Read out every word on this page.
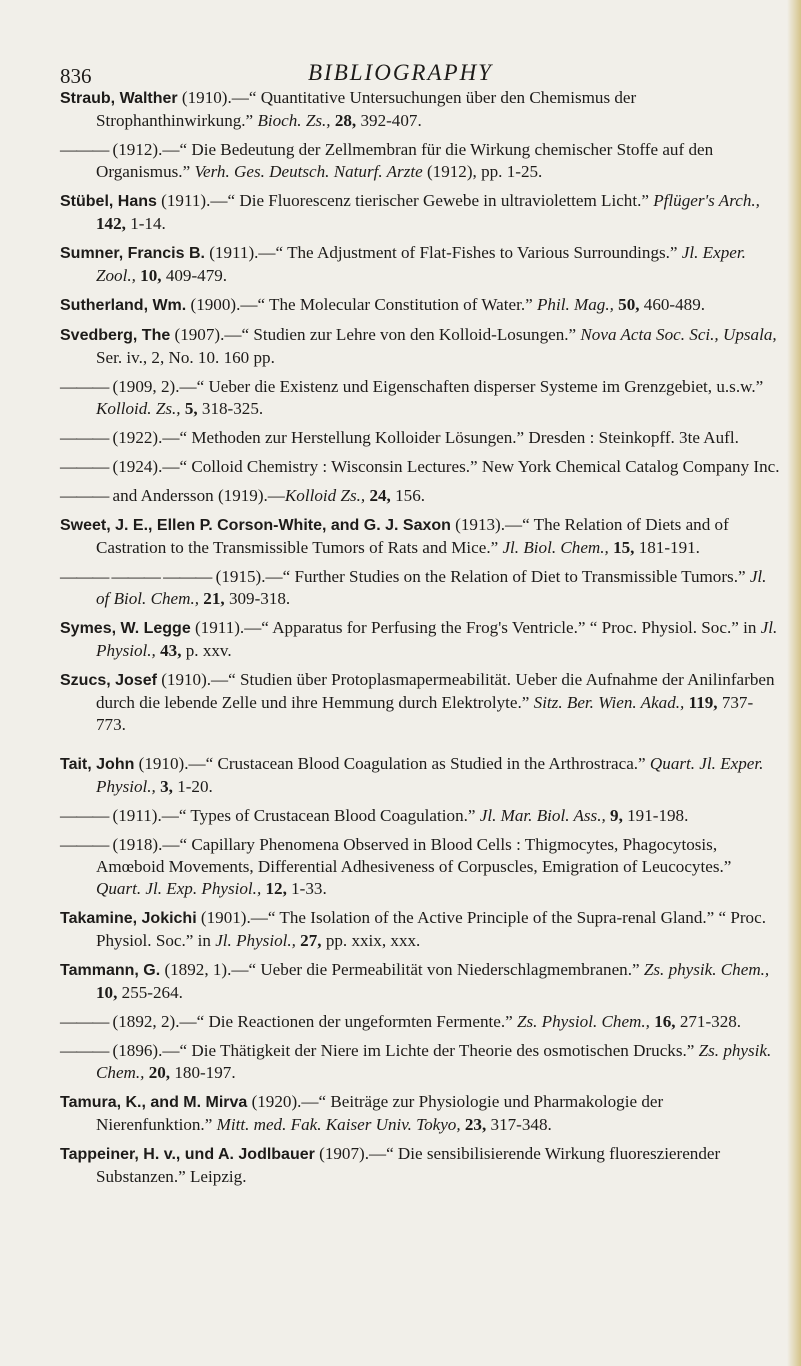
836	BIBLIOGRAPHY
Straub, Walther (1910).—“ Quantitative Untersuchungen über den Chemismus der Strophanthinwirkung.” Bioch. Zs., 28, 392-407.
——— (1912).—“ Die Bedeutung der Zellmembran für die Wirkung chemischer Stoffe auf den Organismus.” Verh. Ges. Deutsch. Naturf. Arzte (1912), pp. 1-25.
Stübel, Hans (1911).—“ Die Fluorescenz tierischer Gewebe in ultraviolettem Licht.” Pflüger's Arch., 142, 1-14.
Sumner, Francis B. (1911).—“ The Adjustment of Flat-Fishes to Various Surroundings.” Jl. Exper. Zool., 10, 409-479.
Sutherland, Wm. (1900).—“ The Molecular Constitution of Water.” Phil. Mag., 50, 460-489.
Svedberg, The (1907).—“ Studien zur Lehre von den Kolloid-Losungen.” Nova Acta Soc. Sci., Upsala, Ser. iv., 2, No. 10. 160 pp.
——— (1909, 2).—“ Ueber die Existenz und Eigenschaften disperser Systeme im Grenzgebiet, u.s.w.” Kolloid. Zs., 5, 318-325.
——— (1922).—“ Methoden zur Herstellung Kolloider Lösungen.” Dresden : Steinkopff. 3te Aufl.
——— (1924).—“ Colloid Chemistry : Wisconsin Lectures.” New York Chemical Catalog Company Inc.
——— and Andersson (1919).—Kolloid Zs., 24, 156.
Sweet, J. E., Ellen P. Corson-White, and G. J. Saxon (1913).—“ The Relation of Diets and of Castration to the Transmissible Tumors of Rats and Mice.” Jl. Biol. Chem., 15, 181-191.
——— ——— ——— (1915).—“ Further Studies on the Relation of Diet to Transmissible Tumors.” Jl. of Biol. Chem., 21, 309-318.
Symes, W. Legge (1911).—“ Apparatus for Perfusing the Frog's Ventricle.” “ Proc. Physiol. Soc.” in Jl. Physiol., 43, p. xxv.
Szucs, Josef (1910).—“ Studien über Protoplasmapermeabilität. Ueber die Aufnahme der Anilinfarben durch die lebende Zelle und ihre Hemmung durch Elektrolyte.” Sitz. Ber. Wien. Akad., 119, 737-773.
Tait, John (1910).—“ Crustacean Blood Coagulation as Studied in the Arthrostraca.” Quart. Jl. Exper. Physiol., 3, 1-20.
——— (1911).—“ Types of Crustacean Blood Coagulation.” Jl. Mar. Biol. Ass., 9, 191-198.
——— (1918).—“ Capillary Phenomena Observed in Blood Cells : Thigmocytes, Phagocytosis, Amœboid Movements, Differential Adhesiveness of Corpuscles, Emigration of Leucocytes.” Quart. Jl. Exp. Physiol., 12, 1-33.
Takamine, Jokichi (1901).—“ The Isolation of the Active Principle of the Supra-renal Gland.” “ Proc. Physiol. Soc.” in Jl. Physiol., 27, pp. xxix, xxx.
Tammann, G. (1892, 1).—“ Ueber die Permeabilität von Niederschlagmembranen.” Zs. physik. Chem., 10, 255-264.
——— (1892, 2).—“ Die Reactionen der ungeformten Fermente.” Zs. Physiol. Chem., 16, 271-328.
——— (1896).—“ Die Thätigkeit der Niere im Lichte der Theorie des osmotischen Drucks.” Zs. physik. Chem., 20, 180-197.
Tamura, K., and M. Mirva (1920).—“ Beiträge zur Physiologie und Pharmakologie der Nierenfunktion.” Mitt. med. Fak. Kaiser Univ. Tokyo, 23, 317-348.
Tappeiner, H. v., und A. Jodlbauer (1907).—“ Die sensibilisierende Wirkung fluoreszierender Substanzen.” Leipzig.
